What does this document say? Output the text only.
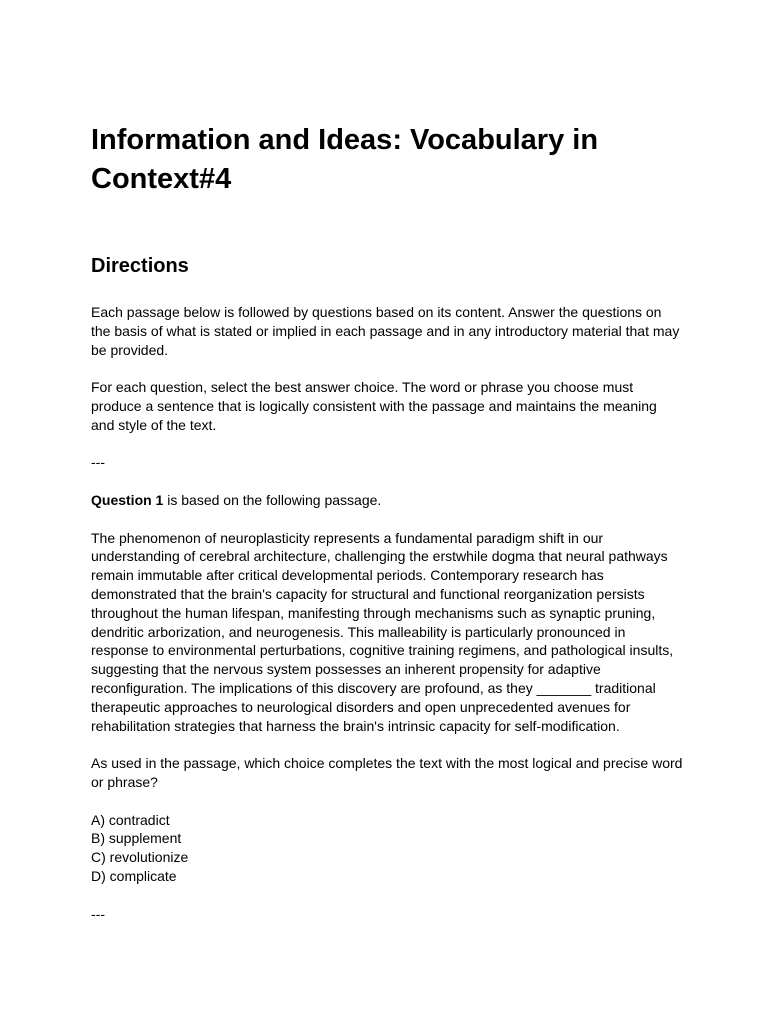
Information and Ideas: Vocabulary in Context#4
Directions

Each passage below is followed by questions based on its content. Answer the questions on the basis of what is stated or implied in each passage and in any introductory material that may be provided.

For each question, select the best answer choice. The word or phrase you choose must produce a sentence that is logically consistent with the passage and maintains the meaning and style of the text.

---

Question 1 is based on the following passage.

The phenomenon of neuroplasticity represents a fundamental paradigm shift in our understanding of cerebral architecture, challenging the erstwhile dogma that neural pathways remain immutable after critical developmental periods. Contemporary research has demonstrated that the brain's capacity for structural and functional reorganization persists throughout the human lifespan, manifesting through mechanisms such as synaptic pruning, dendritic arborization, and neurogenesis. This malleability is particularly pronounced in response to environmental perturbations, cognitive training regimens, and pathological insults, suggesting that the nervous system possesses an inherent propensity for adaptive reconfiguration. The implications of this discovery are profound, as they _______ traditional therapeutic approaches to neurological disorders and open unprecedented avenues for rehabilitation strategies that harness the brain's intrinsic capacity for self-modification.

As used in the passage, which choice completes the text with the most logical and precise word or phrase?

A) contradict
B) supplement
C) revolutionize
D) complicate

---
